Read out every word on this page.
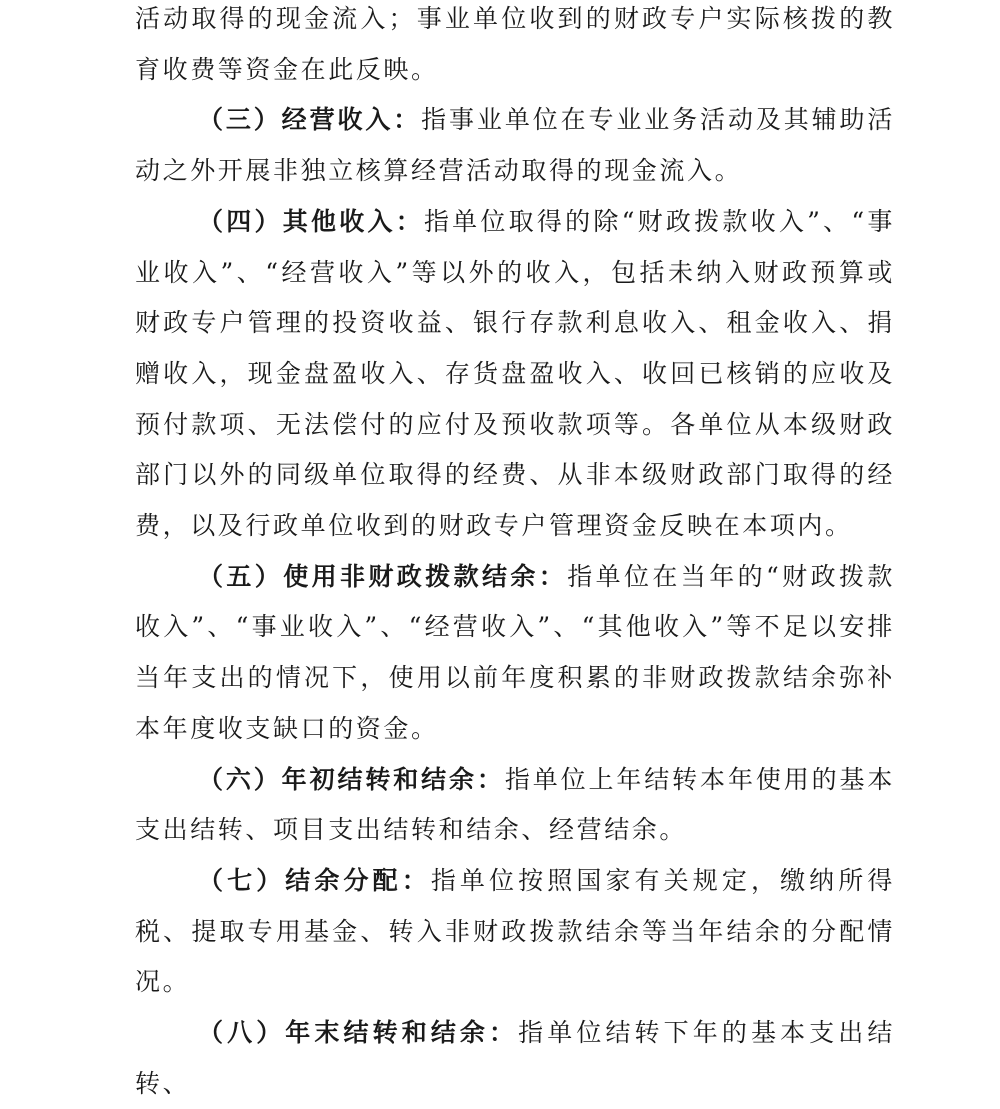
活动取得的现金流入；事业单位收到的财政专户实际核拨的教育收费等资金在此反映。

（三）经营收入：指事业单位在专业业务活动及其辅助活动之外开展非独立核算经营活动取得的现金流入。

（四）其他收入：指单位取得的除“财政拨款收入”、“事业收入”、“经营收入”等以外的收入，包括未纳入财政预算或财政专户管理的投资收益、银行存款利息收入、租金收入、捐赠收入，现金盘盈收入、存货盘盈收入、收回已核销的应收及预付款项、无法偿付的应付及预收款项等。各单位从本级财政部门以外的同级单位取得的经费、从非本级财政部门取得的经费，以及行政单位收到的财政专户管理资金反映在本项内。

（五）使用非财政拨款结余：指单位在当年的“财政拨款收入”、“事业收入”、“经营收入”、“其他收入”等不足以安排当年支出的情况下，使用以前年度积累的非财政拨款结余弥补本年度收支缺口的资金。

（六）年初结转和结余：指单位上年结转本年使用的基本支出结转、项目支出结转和结余、经营结余。

（七）结余分配：指单位按照国家有关规定，缴纳所得税、提取专用基金、转入非财政拨款结余等当年结余的分配情况。

（八）年末结转和结余：指单位结转下年的基本支出结转、
